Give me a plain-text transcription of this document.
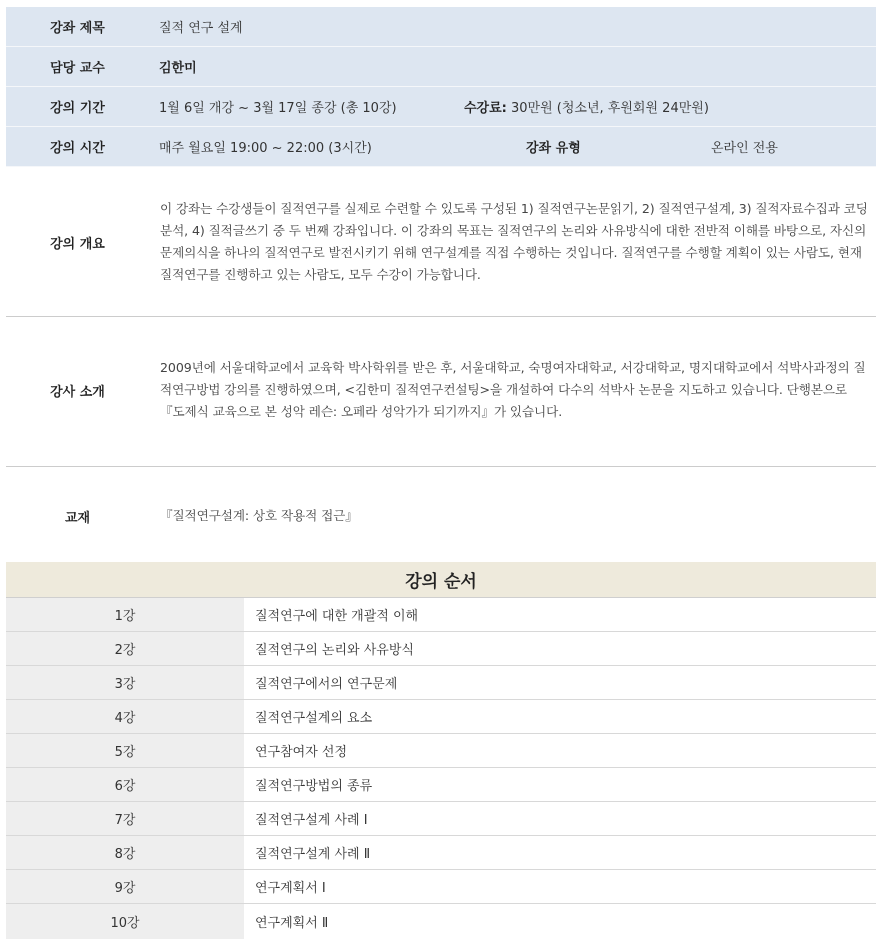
강좌 제목	질적 연구 설계
담당 교수	김한미
강의 기간	1월 6일 개강 ~ 3월 17일 종강 (총 10강)	수강료: 30만원 (청소년, 후원회원 24만원)
강의 시간	매주 월요일 19:00 ~ 22:00 (3시간)	강좌 유형	온라인 전용
강의 개요
이 강좌는 수강생들이 질적연구를 실제로 수련할 수 있도록 구성된 1) 질적연구논문읽기, 2) 질적연구설계, 3) 질적자료수집과 코딩분석, 4) 질적글쓰기 중 두 번째 강좌입니다. 이 강좌의 목표는 질적연구의 논리와 사유방식에 대한 전반적 이해를 바탕으로, 자신의 문제의식을 하나의 질적연구로 발전시키기 위해 연구설계를 직접 수행하는 것입니다. 질적연구를 수행할 계획이 있는 사람도, 현재 질적연구를 진행하고 있는 사람도, 모두 수강이 가능합니다.
강사 소개
2009년에 서울대학교에서 교육학 박사학위를 받은 후, 서울대학교, 숙명여자대학교, 서강대학교, 명지대학교에서 석박사과정의 질적연구방법 강의를 진행하였으며, <김한미 질적연구컨설팅>을 개설하여 다수의 석박사 논문을 지도하고 있습니다. 단행본으로 『도제식 교육으로 본 성악 레슨: 오페라 성악가가 되기까지』가 있습니다.
교재	『질적연구설계: 상호 작용적 접근』
강의 순서
1강	질적연구에 대한 개괄적 이해
2강	질적연구의 논리와 사유방식
3강	질적연구에서의 연구문제
4강	질적연구설계의 요소
5강	연구참여자 선정
6강	질적연구방법의 종류
7강	질적연구설계 사례 Ⅰ
8강	질적연구설계 사례 Ⅱ
9강	연구계획서 Ⅰ
10강	연구계획서 Ⅱ
